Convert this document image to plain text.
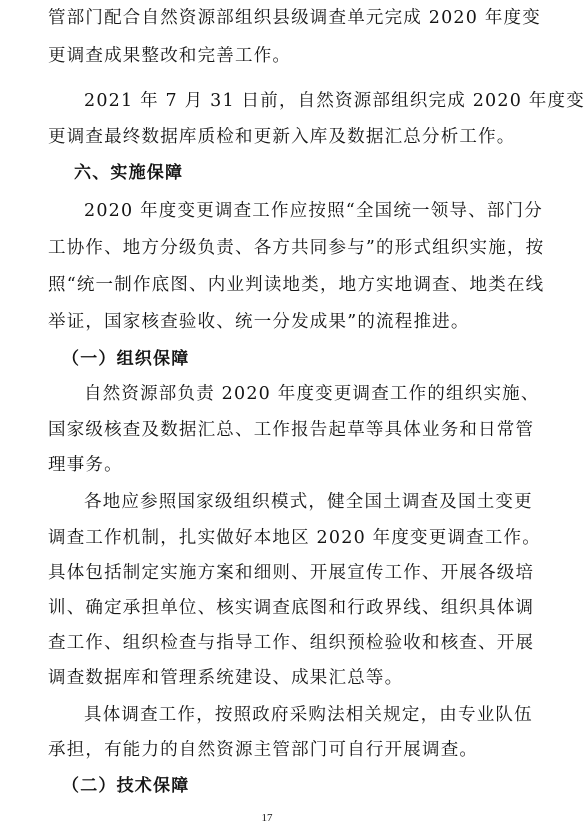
管部门配合自然资源部组织县级调查单元完成 2020 年度变
更调查成果整改和完善工作。
2021 年 7 月 31 日前，自然资源部组织完成 2020 年度变
更调查最终数据库质检和更新入库及数据汇总分析工作。
六、实施保障
2020 年度变更调查工作应按照“全国统一领导、部门分
工协作、地方分级负责、各方共同参与”的形式组织实施，按
照“统一制作底图、内业判读地类，地方实地调查、地类在线
举证，国家核查验收、统一分发成果”的流程推进。
（一）组织保障
自然资源部负责 2020 年度变更调查工作的组织实施、
国家级核查及数据汇总、工作报告起草等具体业务和日常管
理事务。
各地应参照国家级组织模式，健全国土调查及国土变更
调查工作机制，扎实做好本地区 2020 年度变更调查工作。
具体包括制定实施方案和细则、开展宣传工作、开展各级培
训、确定承担单位、核实调查底图和行政界线、组织具体调
查工作、组织检查与指导工作、组织预检验收和核查、开展
调查数据库和管理系统建设、成果汇总等。
具体调查工作，按照政府采购法相关规定，由专业队伍
承担，有能力的自然资源主管部门可自行开展调查。
（二）技术保障
17
